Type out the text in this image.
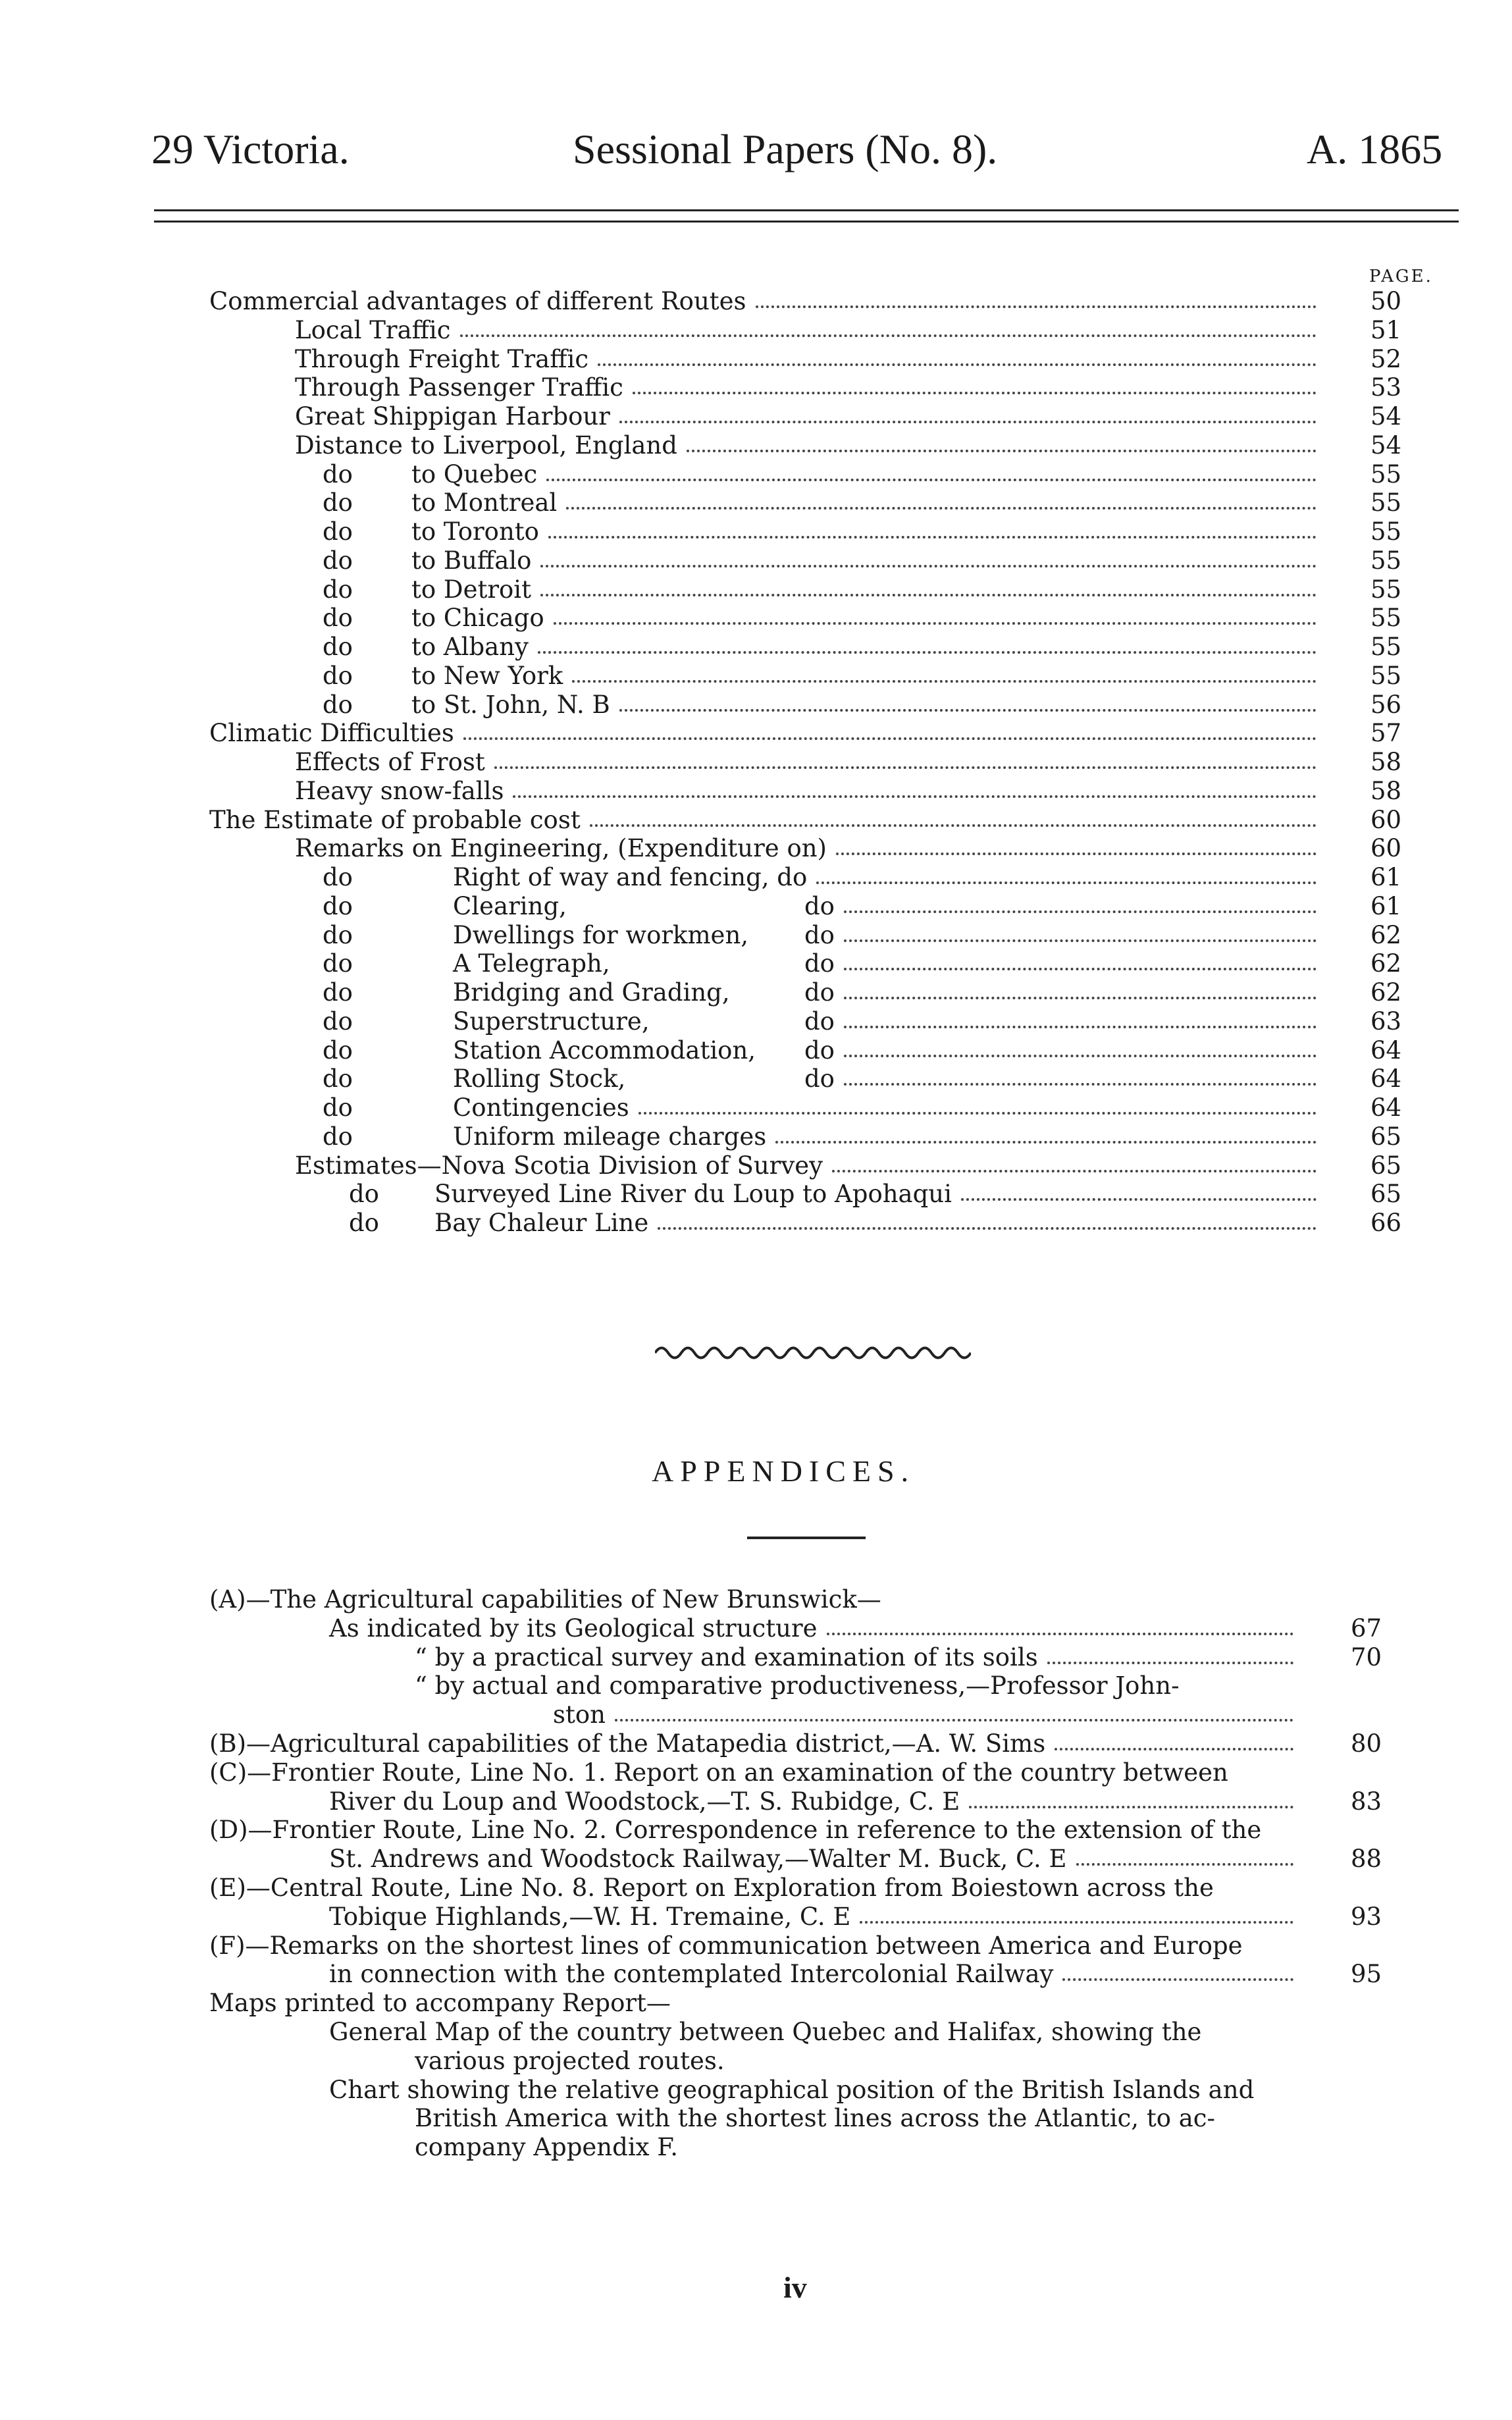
29 Victoria.	Sessional Papers (No. 8).	A. 1865
PAGE.
Commercial advantages of different Routes	50
Local Traffic	51
Through Freight Traffic	52
Through Passenger Traffic	53
Great Shippigan Harbour	54
Distance to Liverpool, England	54
do to Quebec	55
do to Montreal	55
do to Toronto	55
do to Buffalo	55
do to Detroit	55
do to Chicago	55
do to Albany	55
do to New York	55
do to St. John, N. B	56
Climatic Difficulties	57
Effects of Frost	58
Heavy snow-falls	58
The Estimate of probable cost	60
Remarks on Engineering, (Expenditure on)	60
do	Right of way and fencing, do	61
do	Clearing,	do	61
do	Dwellings for workmen, do	62
do	A Telegraph,	do	62
do	Bridging and Grading,	do	62
do	Superstructure,	do	63
do	Station Accommodation, do	64
do	Rolling Stock,	do	64
do	Contingencies	64
do	Uniform mileage charges	65
Estimates—Nova Scotia Division of Survey	65
do Surveyed Line River du Loup to Apohaqui	65
do Bay Chaleur Line	66
APPENDICES.
(A)—The Agricultural capabilities of New Brunswick—
As indicated by its Geological structure	67
“ by a practical survey and examination of its soils	70
“ by actual and comparative productiveness,—Professor John-
ston
(B)—Agricultural capabilities of the Matapedia district,—A. W. Sims	80
(C)—Frontier Route, Line No. 1. Report on an examination of the country between
River du Loup and Woodstock,—T. S. Rubidge, C. E	83
(D)—Frontier Route, Line No. 2. Correspondence in reference to the extension of the
St. Andrews and Woodstock Railway,—Walter M. Buck, C. E	88
(E)—Central Route, Line No. 8. Report on Exploration from Boiestown across the
Tobique Highlands,—W. H. Tremaine, C. E	93
(F)—Remarks on the shortest lines of communication between America and Europe
in connection with the contemplated Intercolonial Railway	95
Maps printed to accompany Report—
General Map of the country between Quebec and Halifax, showing the
various projected routes.
Chart showing the relative geographical position of the British Islands and
British America with the shortest lines across the Atlantic, to ac-
company Appendix F.
iv
